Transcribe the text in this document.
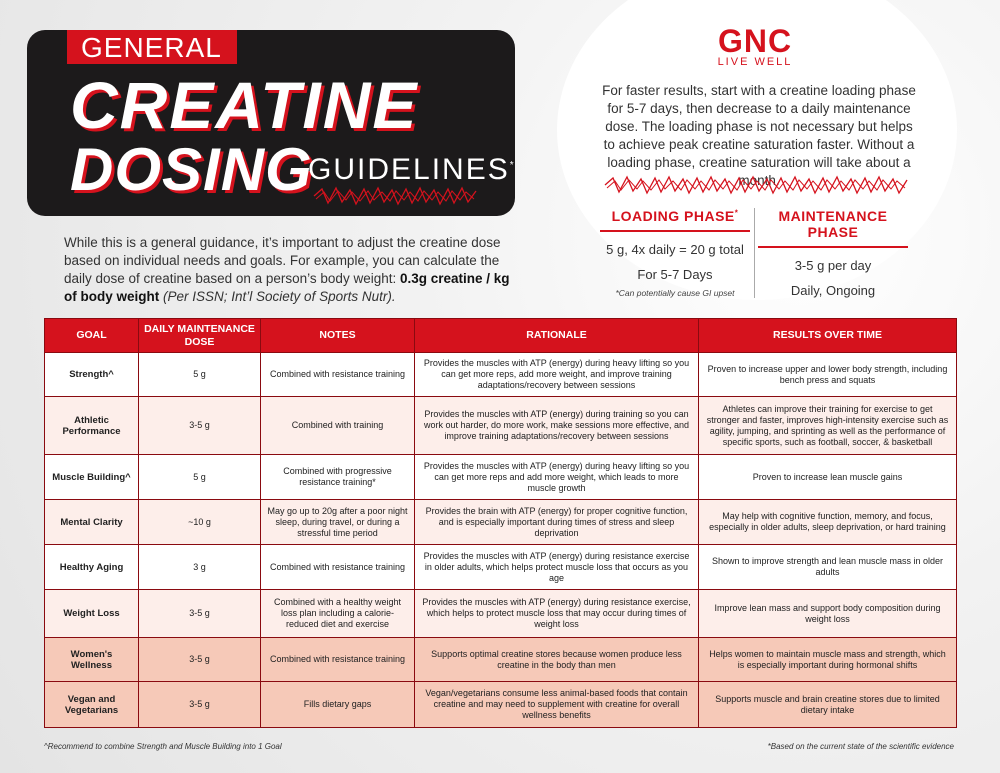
GENERAL
CREATINE
DOSING
GUIDELINES*
While this is a general guidance, it’s important to adjust the creatine dose based on individual needs and goals. For example, you can calculate the daily dose of creatine based on a person’s body weight: 0.3g creatine / kg of body weight (Per ISSN; Int’l Society of Sports Nutr).
GNC
LIVE WELL
For faster results, start with a creatine loading phase for 5-7 days, then decrease to a daily maintenance dose. The loading phase is not necessary but helps to achieve peak creatine saturation faster. Without a loading phase, creatine saturation will take about a month.
LOADING PHASE*
5 g, 4x daily = 20 g total
For 5-7 Days
*Can potentially cause GI upset
MAINTENANCE PHASE
3-5 g per day
Daily, Ongoing
GOAL	DAILY MAINTENANCE DOSE	NOTES	RATIONALE	RESULTS OVER TIME
Strength^	5 g	Combined with resistance training	Provides the muscles with ATP (energy) during heavy lifting so you can get more reps, add more weight, and improve training adaptations/recovery between sessions	Proven to increase upper and lower body strength, including bench press and squats
Athletic Performance	3-5 g	Combined with training	Provides the muscles with ATP (energy) during training so you can work out harder, do more work, make sessions more effective, and improve training adaptations/recovery between sessions	Athletes can improve their training for exercise to get stronger and faster, improves high-intensity exercise such as agility, jumping, and sprinting as well as the performance of specific sports, such as football, soccer, & basketball
Muscle Building^	5 g	Combined with progressive resistance training*	Provides the muscles with ATP (energy) during heavy lifting so you can get more reps and add more weight, which leads to more muscle growth	Proven to increase lean muscle gains
Mental Clarity	~10 g	May go up to 20g after a poor night sleep, during travel, or during a stressful time period	Provides the brain with ATP (energy) for proper cognitive function, and is especially important during times of stress and sleep deprivation	May help with cognitive function, memory, and focus, especially in older adults, sleep deprivation, or hard training
Healthy Aging	3 g	Combined with resistance training	Provides the muscles with ATP (energy) during resistance exercise in older adults, which helps protect muscle loss that occurs as you age	Shown to improve strength and lean muscle mass in older adults
Weight Loss	3-5 g	Combined with a healthy weight loss plan including a calorie-reduced diet and exercise	Provides the muscles with ATP (energy) during resistance exercise, which helps to protect muscle loss that may occur during times of weight loss	Improve lean mass and support body composition during weight loss
Women's Wellness	3-5 g	Combined with resistance training	Supports optimal creatine stores because women produce less creatine in the body than men	Helps women to maintain muscle mass and strength, which is especially important during hormonal shifts
Vegan and Vegetarians	3-5 g	Fills dietary gaps	Vegan/vegetarians consume less animal-based foods that contain creatine and may need to supplement with creatine for overall wellness benefits	Supports muscle and brain creatine stores due to limited dietary intake
^Recommend to combine Strength and Muscle Building into 1 Goal	*Based on the current state of the scientific evidence
